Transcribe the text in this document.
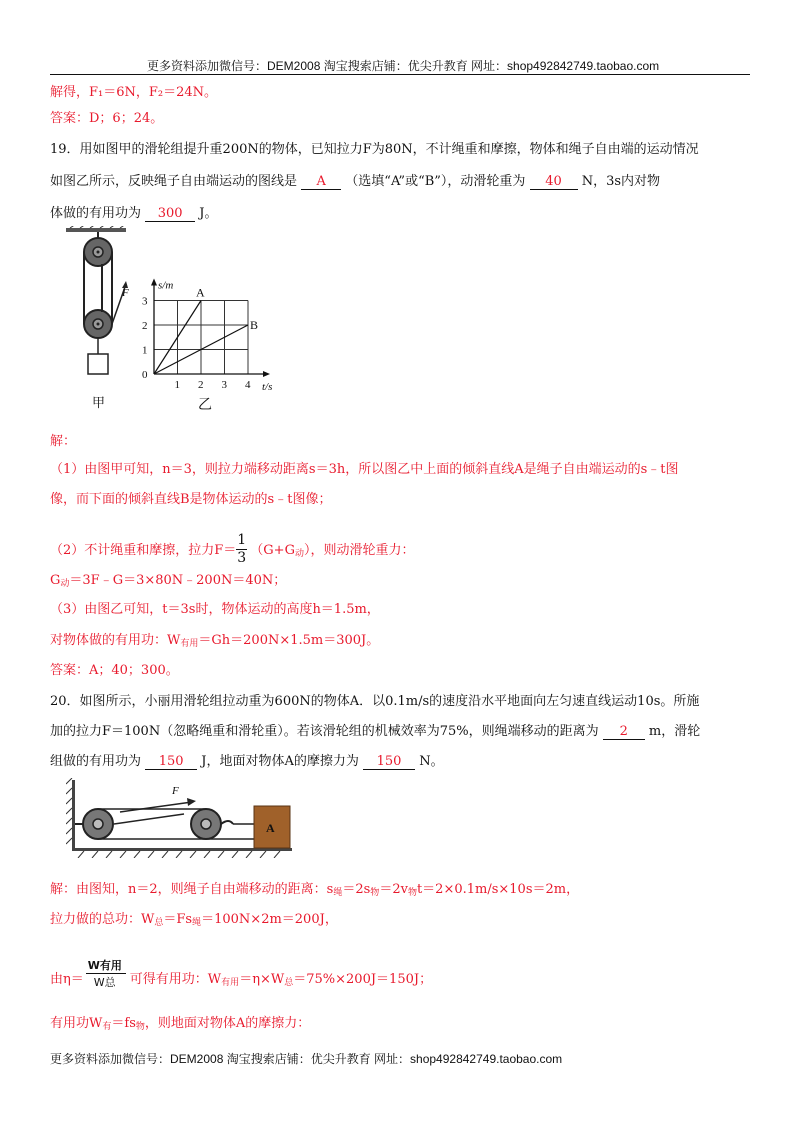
更多资料添加微信号：DEM2008 淘宝搜索店铺：优尖升教育 网址：shop492842749.taobao.com
解得，F₁＝6N，F₂＝24N。
答案：D；6；24。
19．用如图甲的滑轮组提升重200N的物体，已知拉力F为80N，不计绳重和摩擦，物体和绳子自由端的运动情况
如图乙所示，反映绳子自由端运动的图线是 A （选填“A”或“B”），动滑轮重为 40 N，3s内对物
体做的有用功为 300 J。
F
甲
1 2 3 4
1
2
3
0
s/m
t/s
A
B
乙
解：
（1）由图甲可知，n＝3，则拉力端移动距离s＝3h，所以图乙中上面的倾斜直线A是绳子自由端运动的s﹣t图
像，而下面的倾斜直线B是物体运动的s﹣t图像；
（2）不计绳重和摩擦，拉力F＝
$\frac{1}{3}$
$(G+G_动)$，则动滑轮重力：
$G_动=3F﹣G=3\times 80N﹣200N=40N$；
（3）由图乙可知，t＝3s时，物体运动的高度h＝1.5m，
对物体做的有用功：$W_{有用}=Gh=200N\times 1.5m=300J$。
答案：A；40；300。
20．如图所示，小丽用滑轮组拉动重为600N的物体A．以0.1m/s的速度沿水平地面向左匀速直线运动10s。所施
加的拉力F＝100N（忽略绳重和滑轮重）。若该滑轮组的机械效率为75%，则绳端移动的距离为 2 m，滑轮
组做的有用功为 150 J，地面对物体A的摩擦力为 150 N。
F
A
解：由图知，n＝2，则绳子自由端移动的距离：$s_绳=2s_物=2v_物t=2\times 0.1m/s\times 10s=2m$，
拉力做的总功：$W_总=Fs_绳=100N\times 2m=200J$，
由η＝
W有用
W总 可得有用功：$W_{有用}=\eta\times W_总=75\%\times 200J=150J$；
有用功$W_有=fs_物$，则地面对物体A的摩擦力：
更多资料添加微信号：DEM2008 淘宝搜索店铺：优尖升教育 网址：shop492842749.taobao.com
